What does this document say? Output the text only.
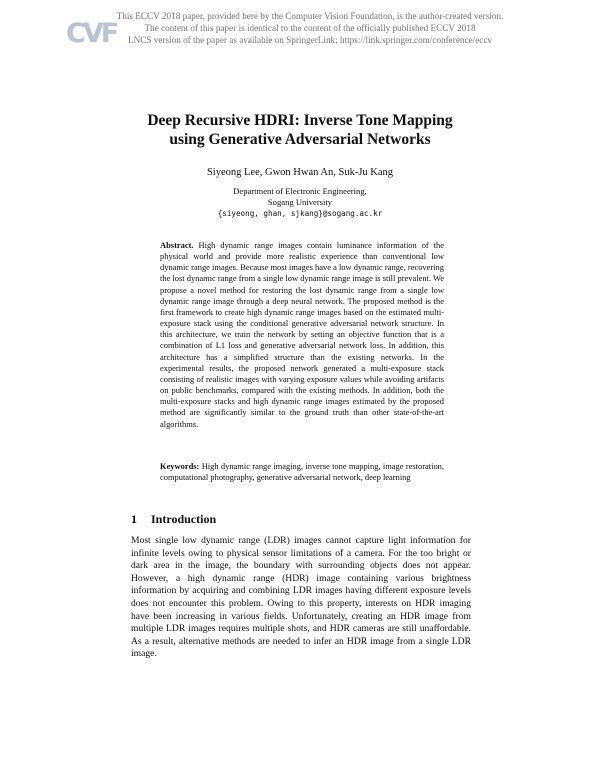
CVF
This ECCV 2018 paper, provided here by the Computer Vision Foundation, is the author-created version.
The content of this paper is identical to the content of the officially published ECCV 2018
LNCS version of the paper as available on SpringerLink: https://link.springer.com/conference/eccv
Deep Recursive HDRI: Inverse Tone Mapping
using Generative Adversarial Networks
Siyeong Lee, Gwon Hwan An, Suk-Ju Kang
Department of Electronic Engineering,
Sogang University
{siyeong, ghan, sjkang}@sogang.ac.kr
Abstract. High dynamic range images contain luminance information of the physical world and provide more realistic experience than conventional low dynamic range images. Because most images have a low dynamic range, recovering the lost dynamic range from a single low dynamic range image is still prevalent. We propose a novel method for restoring the lost dynamic range from a single low dynamic range image through a deep neural network. The proposed method is the first framework to create high dynamic range images based on the estimated multi-exposure stack using the conditional generative adversarial network structure. In this architecture, we train the network by setting an objective function that is a combination of L1 loss and generative adversarial network loss. In addition, this architecture has a simplified structure than the existing networks. In the experimental results, the proposed network generated a multi-exposure stack consisting of realistic images with varying exposure values while avoiding artifacts on public benchmarks, compared with the existing methods. In addition, both the multi-exposure stacks and high dynamic range images estimated by the proposed method are significantly similar to the ground truth than other state-of-the-art algorithms.
Keywords: High dynamic range imaging, inverse tone mapping, image restoration, computational photography, generative adversarial network, deep learning
1 Introduction
Most single low dynamic range (LDR) images cannot capture light information for infinite levels owing to physical sensor limitations of a camera. For the too bright or dark area in the image, the boundary with surrounding objects does not appear. However, a high dynamic range (HDR) image containing various brightness information by acquiring and combining LDR images having different exposure levels does not encounter this problem. Owing to this property, interests on HDR imaging have been increasing in various fields. Unfortunately, creating an HDR image from multiple LDR images requires multiple shots, and HDR cameras are still unaffordable. As a result, alternative methods are needed to infer an HDR image from a single LDR image.
